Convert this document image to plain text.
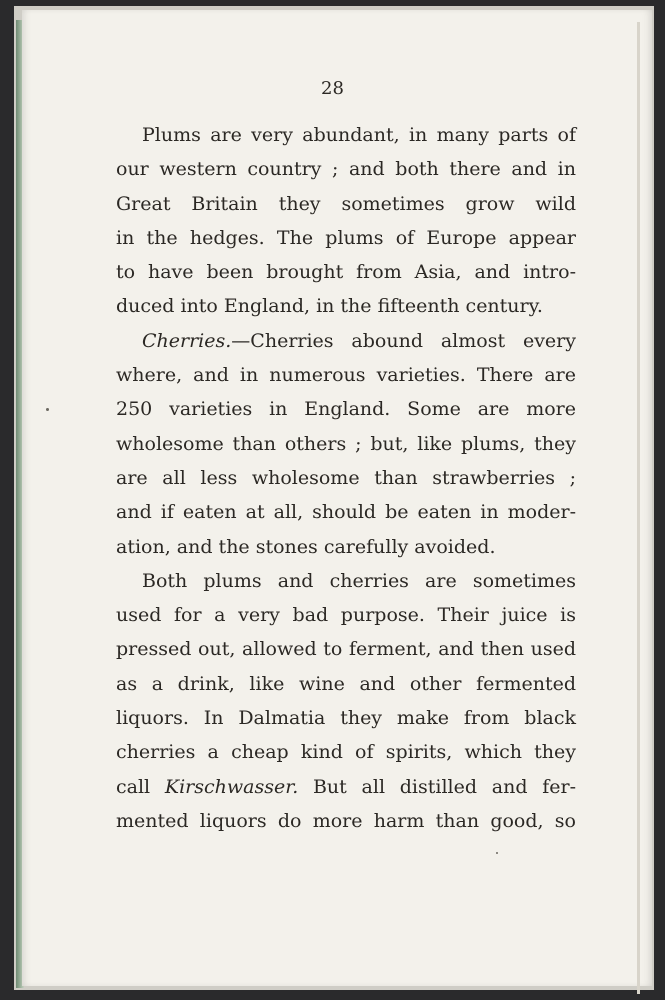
28
Plums are very abundant, in many parts of
our western country ; and both there and in
Great Britain they sometimes grow wild
in the hedges. The plums of Europe appear
to have been brought from Asia, and intro-
duced into England, in the fifteenth century.
Cherries.—Cherries abound almost every
where, and in numerous varieties. There are
250 varieties in England. Some are more
wholesome than others ; but, like plums, they
are all less wholesome than strawberries ;
and if eaten at all, should be eaten in moder-
ation, and the stones carefully avoided.
Both plums and cherries are sometimes
used for a very bad purpose. Their juice is
pressed out, allowed to ferment, and then used
as a drink, like wine and other fermented
liquors. In Dalmatia they make from black
cherries a cheap kind of spirits, which they
call Kirschwasser. But all distilled and fer-
mented liquors do more harm than good, so
